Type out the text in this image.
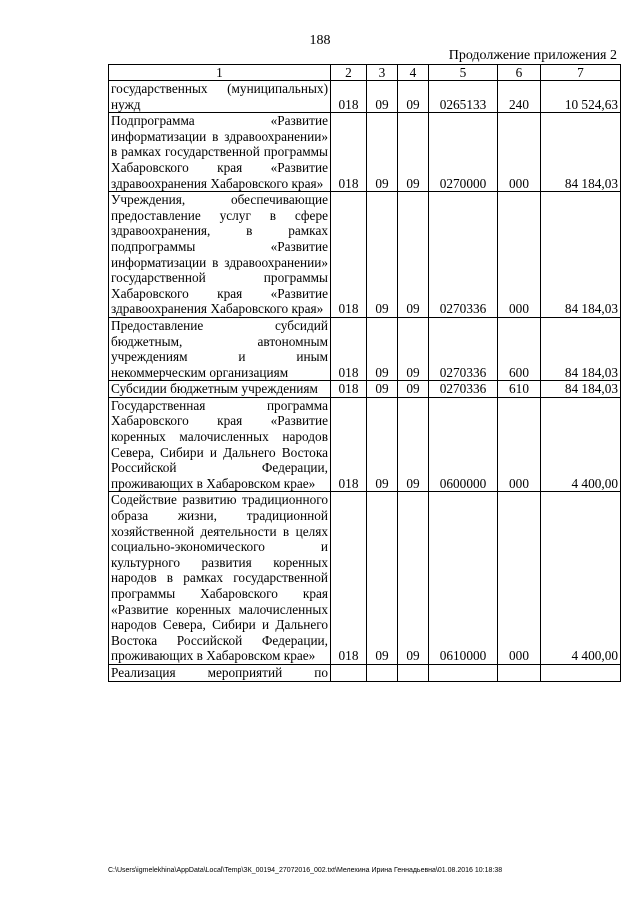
188
Продолжение приложения 2
1	2	3	4	5	6	7
государственных (муниципальных) нужд	018	09	09	0265133	240	10 524,63
Подпрограмма «Развитие информатизации в здравоохранении» в рамках государственной программы Хабаровского края «Развитие здравоохранения Хабаровского края»	018	09	09	0270000	000	84 184,03
Учреждения, обеспечивающие предоставление услуг в сфере здравоохранения, в рамках подпрограммы «Развитие информатизации в здравоохранении» государственной программы Хабаровского края «Развитие здравоохранения Хабаровского края»	018	09	09	0270336	000	84 184,03
Предоставление субсидий бюджетным, автономным учреждениям и иным некоммерческим организациям	018	09	09	0270336	600	84 184,03
Субсидии бюджетным учреждениям	018	09	09	0270336	610	84 184,03
Государственная программа Хабаровского края «Развитие коренных малочисленных народов Севера, Сибири и Дальнего Востока Российской Федерации, проживающих в Хабаровском крае»	018	09	09	0600000	000	4 400,00
Содействие развитию традиционного образа жизни, традиционной хозяйственной деятельности в целях социально-экономического и культурного развития коренных народов в рамках государственной программы Хабаровского края «Развитие коренных малочисленных народов Севера, Сибири и Дальнего Востока Российской Федерации, проживающих в Хабаровском крае»	018	09	09	0610000	000	4 400,00
Реализация мероприятий по						
C:\Users\igmelekhina\AppData\Local\Temp\ЗК_00194_27072016_002.txt\Мелехина Ирина Геннадьевна\01.08.2016 10:18:38
